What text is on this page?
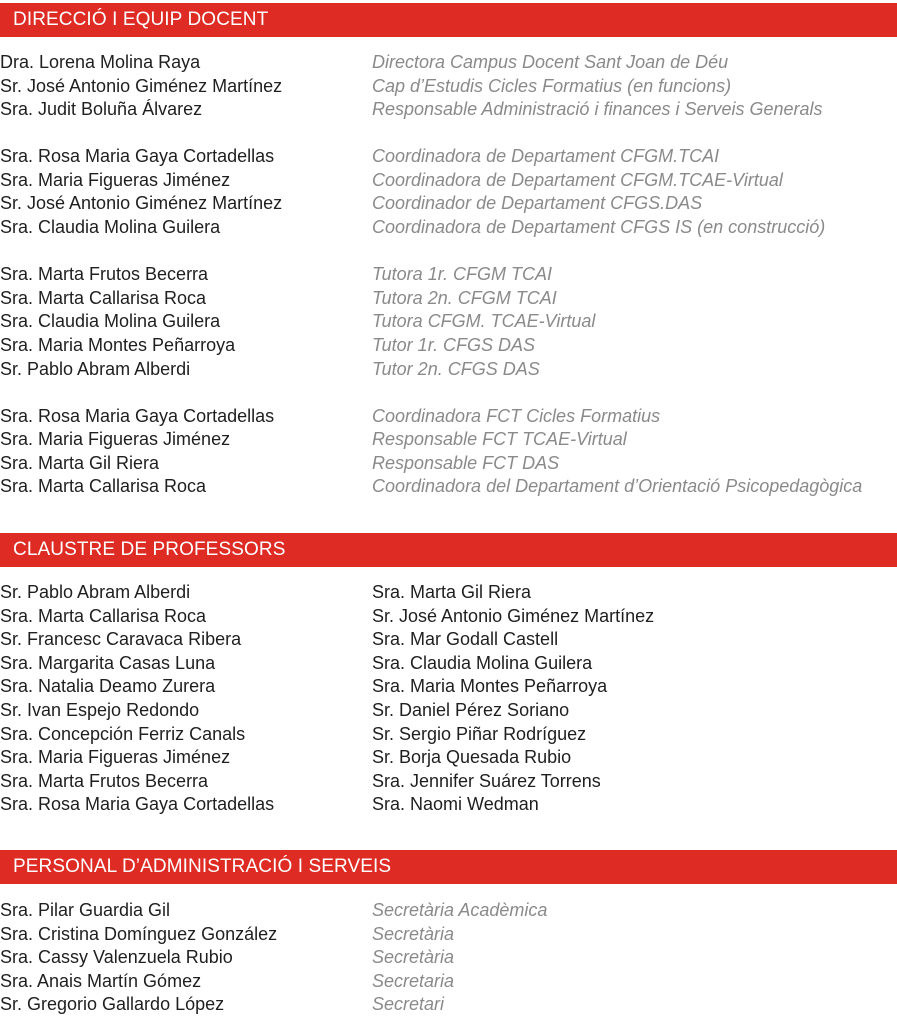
DIRECCIÓ I EQUIP DOCENT
Dra. Lorena Molina Raya	Directora Campus Docent Sant Joan de Déu
Sr. José Antonio Giménez Martínez	Cap d’Estudis Cicles Formatius (en funcions)
Sra. Judit Boluña Álvarez	Responsable Administració i finances i Serveis Generals
Sra. Rosa Maria Gaya Cortadellas	Coordinadora de Departament CFGM.TCAI
Sra. Maria Figueras Jiménez	Coordinadora de Departament CFGM.TCAE-Virtual
Sr. José Antonio Giménez Martínez	Coordinador de Departament CFGS.DAS
Sra. Claudia Molina Guilera	Coordinadora de Departament CFGS IS (en construcció)
Sra. Marta Frutos Becerra	Tutora 1r. CFGM TCAI
Sra. Marta Callarisa Roca	Tutora 2n. CFGM TCAI
Sra. Claudia Molina Guilera	Tutora CFGM. TCAE-Virtual
Sra. Maria Montes Peñarroya	Tutor 1r. CFGS DAS
Sr. Pablo Abram Alberdi	Tutor 2n. CFGS DAS
Sra. Rosa Maria Gaya Cortadellas	Coordinadora FCT Cicles Formatius
Sra. Maria Figueras Jiménez	Responsable FCT TCAE-Virtual
Sra. Marta Gil Riera	Responsable FCT DAS
Sra. Marta Callarisa Roca	Coordinadora del Departament d’Orientació Psicopedagògica
CLAUSTRE DE PROFESSORS
Sr. Pablo Abram Alberdi	Sra. Marta Gil Riera
Sra. Marta Callarisa Roca	Sr. José Antonio Giménez Martínez
Sr. Francesc Caravaca Ribera	Sra. Mar Godall Castell
Sra. Margarita Casas Luna	Sra. Claudia Molina Guilera
Sra. Natalia Deamo Zurera	Sra. Maria Montes Peñarroya
Sr. Ivan Espejo Redondo	Sr. Daniel Pérez Soriano
Sra. Concepción Ferriz Canals	Sr. Sergio Piñar Rodríguez
Sra. Maria Figueras Jiménez	Sr. Borja Quesada Rubio
Sra. Marta Frutos Becerra	Sra. Jennifer Suárez Torrens
Sra. Rosa Maria Gaya Cortadellas	Sra. Naomi Wedman
PERSONAL D’ADMINISTRACIÓ I SERVEIS
Sra. Pilar Guardia Gil	Secretària Acadèmica
Sra. Cristina Domínguez González	Secretària
Sra. Cassy Valenzuela Rubio	Secretària
Sra. Anais Martín Gómez	Secretaria
Sr. Gregorio Gallardo López	Secretari
